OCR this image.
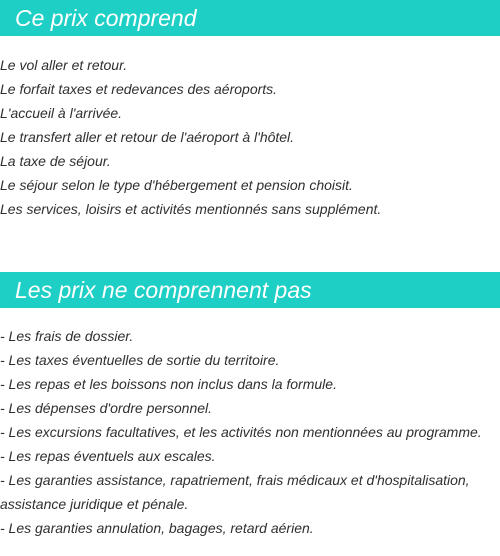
Ce prix comprend
Le vol aller et retour.
Le forfait taxes et redevances des aéroports.
L'accueil à l'arrivée.
Le transfert aller et retour de l'aéroport à l'hôtel.
La taxe de séjour.
Le séjour selon le type d'hébergement et pension choisit.
Les services, loisirs et activités mentionnés sans supplément.
Les prix ne comprennent pas
- Les frais de dossier.
- Les taxes éventuelles de sortie du territoire.
- Les repas et les boissons non inclus dans la formule.
- Les dépenses d'ordre personnel.
- Les excursions facultatives, et les activités non mentionnées au programme.
- Les repas éventuels aux escales.
- Les garanties assistance, rapatriement, frais médicaux et d'hospitalisation, assistance juridique et pénale.
- Les garanties annulation, bagages, retard aérien.
